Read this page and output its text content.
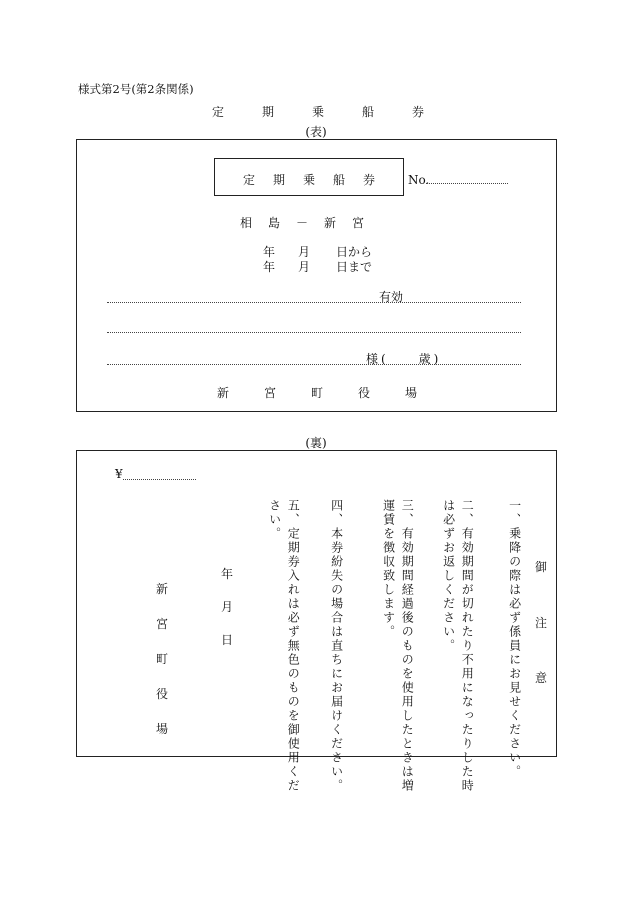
様式第2号(第2条関係)
定	期	乗	船	券
(表)
定 期 乗 船 券	No.
相 島 － 新 宮
年 月 日から
年 月 日まで
有効
様(　　歳)
新	宮	町	役	場
(裏)
¥
御
注
意
一、乗降の際は必ず係員にお見せください。
二、有効期間が切れたり不用になったりした時
は必ずお返しください。
三、有効期間経過後のものを使用したときは増
運賃を徴収致します。
四、本券紛失の場合は直ちにお届けください。
五、定期券入れは必ず無色のものを御使用くだ
さい。
年
月
日
新
宮
町
役
場
